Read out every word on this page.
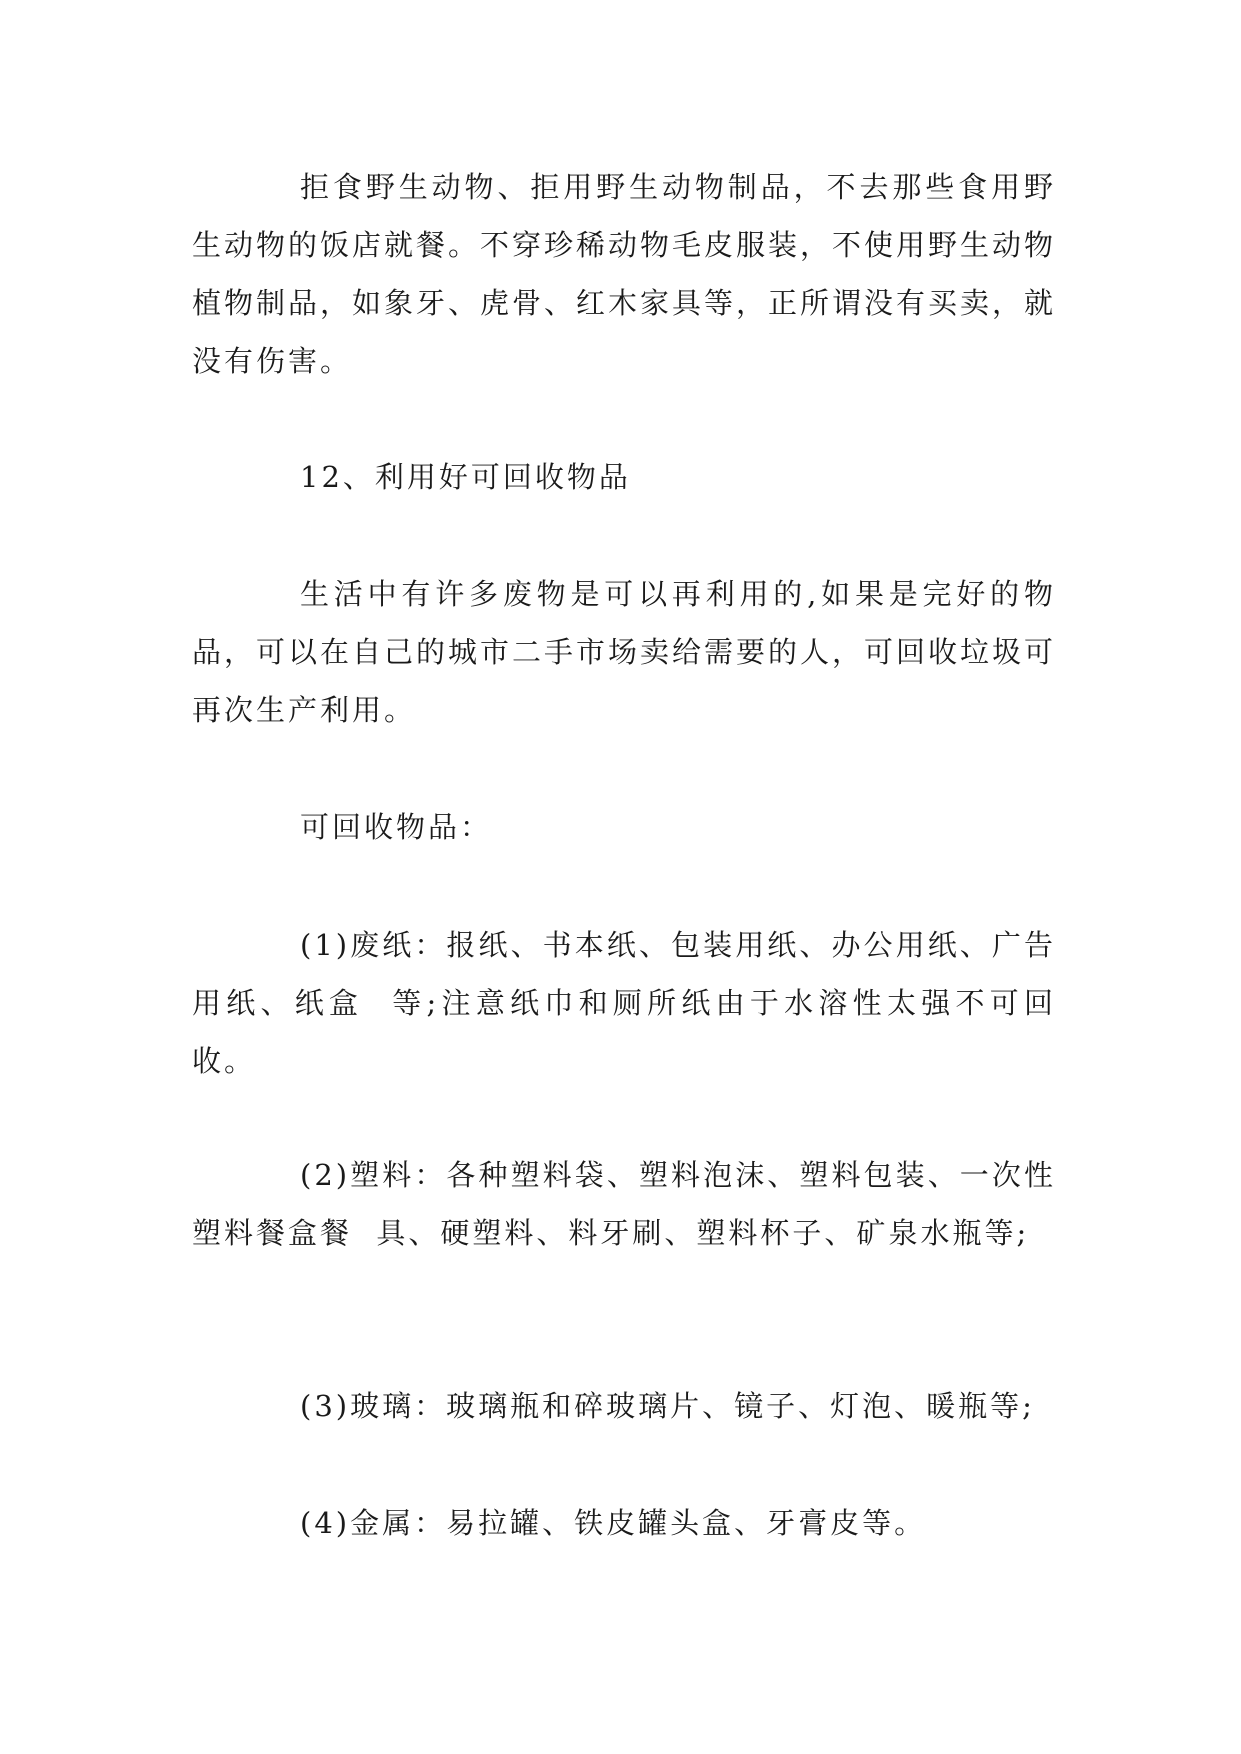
拒食野生动物、拒用野生动物制品，不去那些食用野生动物的饭店就餐。不穿珍稀动物毛皮服装，不使用野生动物植物制品，如象牙、虎骨、红木家具等，正所谓没有买卖，就没有伤害。

12、利用好可回收物品

生活中有许多废物是可以再利用的,如果是完好的物品，可以在自己的城市二手市场卖给需要的人，可回收垃圾可再次生产利用。

可回收物品：

(1)废纸：报纸、书本纸、包装用纸、办公用纸、广告用纸、纸盒  等;注意纸巾和厕所纸由于水溶性太强不可回收。

(2)塑料：各种塑料袋、塑料泡沫、塑料包装、一次性塑料餐盒餐  具、硬塑料、料牙刷、塑料杯子、矿泉水瓶等;

(3)玻璃：玻璃瓶和碎玻璃片、镜子、灯泡、暖瓶等;

(4)金属：易拉罐、铁皮罐头盒、牙膏皮等。
